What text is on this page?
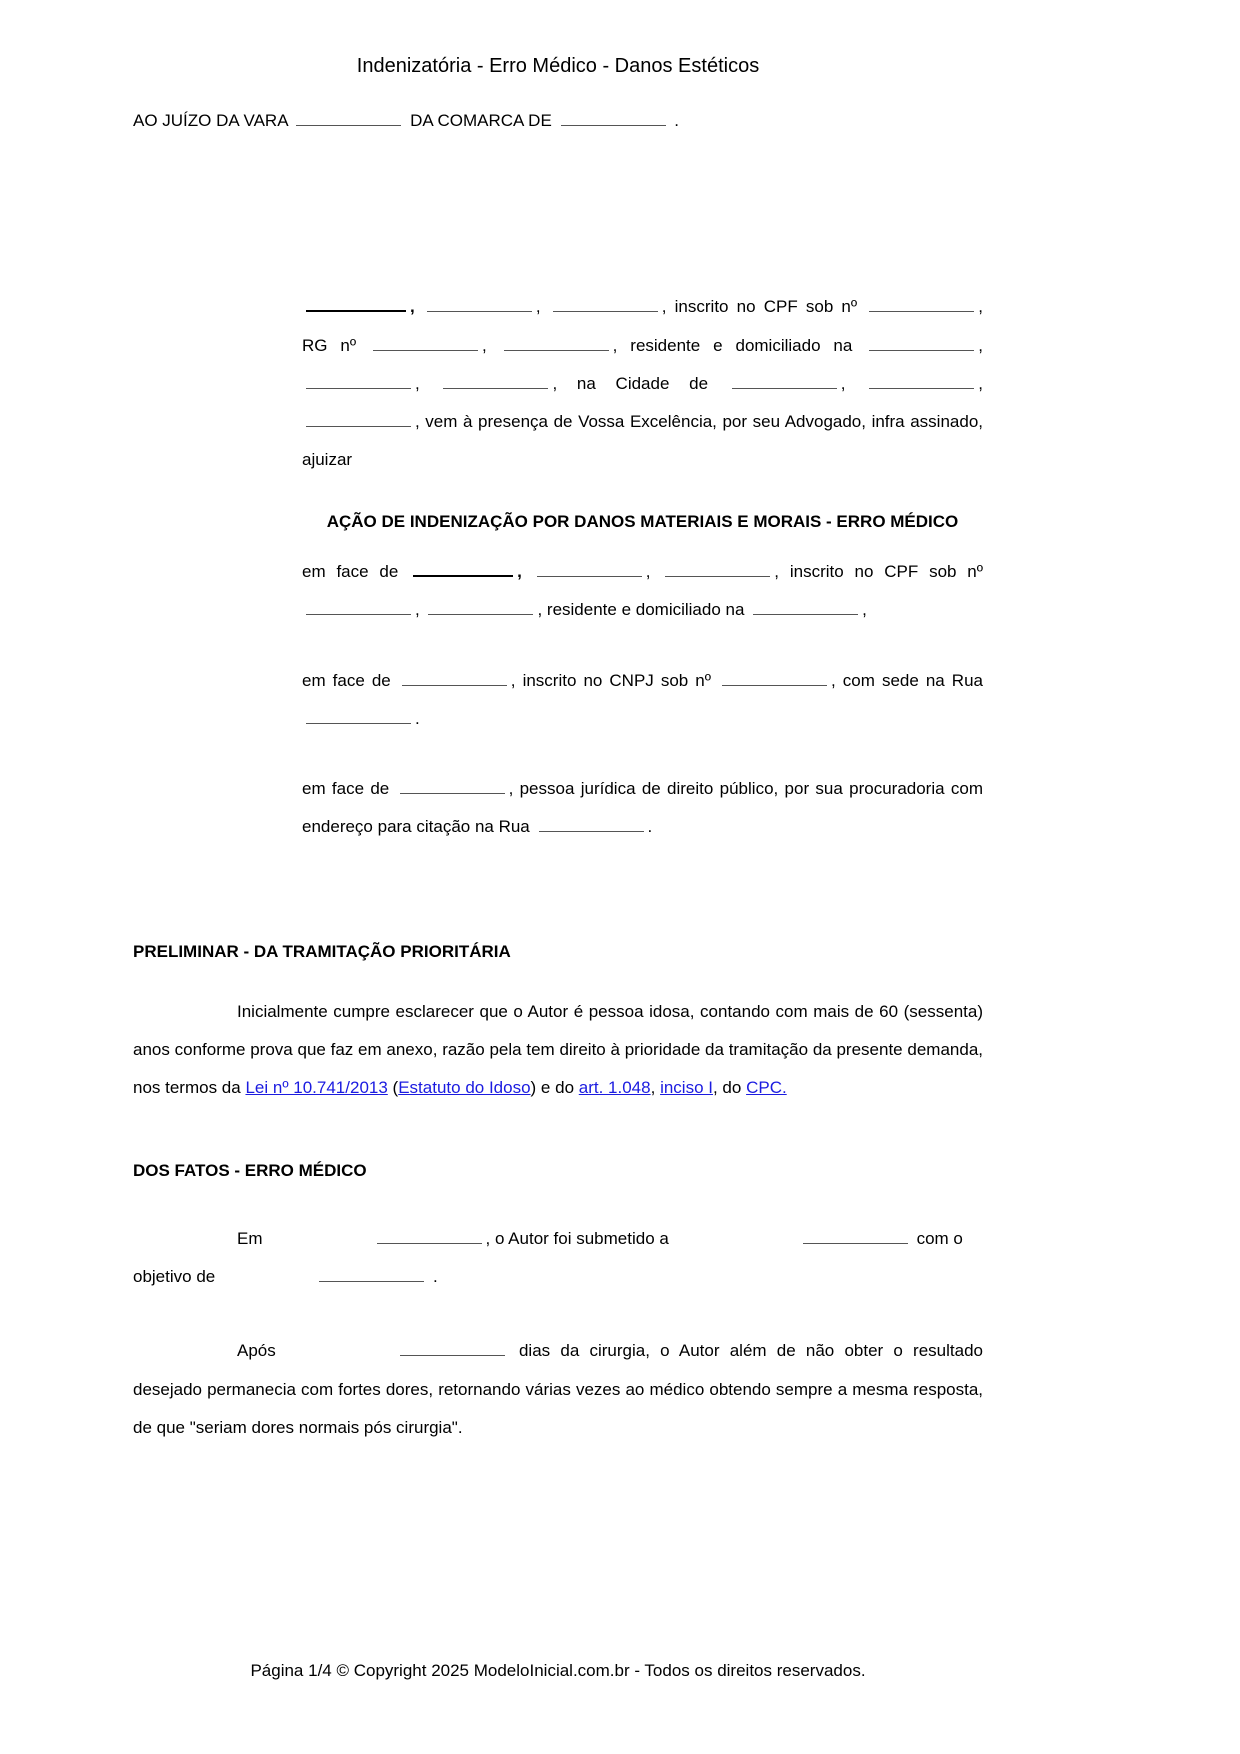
Indenizatória - Erro Médico - Danos Estéticos

AO JUÍZO DA VARA	DA COMARCA DE	.

,	,	, inscrito no CPF sob nº	, RG nº	,	, residente e domiciliado na	, ,	, na Cidade de	,	, , vem à presença de Vossa Excelência, por seu Advogado, infra assinado, ajuizar

AÇÃO DE INDENIZAÇÃO POR DANOS MATERIAIS E MORAIS - ERRO MÉDICO

em face de	,	,	, inscrito no CPF sob nº ,	, residente e domiciliado na	,

em face de	, inscrito no CNPJ sob nº	, com sede na Rua .

em face de	, pessoa jurídica de direito público, por sua procuradoria com endereço para citação na Rua	.

PRELIMINAR - DA TRAMITAÇÃO PRIORITÁRIA

Inicialmente cumpre esclarecer que o Autor é pessoa idosa, contando com mais de 60 (sessenta) anos conforme prova que faz em anexo, razão pela tem direito à prioridade da tramitação da presente demanda, nos termos da Lei nº 10.741/2013 (Estatuto do Idoso) e do art. 1.048, inciso I, do CPC.

DOS FATOS - ERRO MÉDICO

Em	, o Autor foi submetido a	com o objetivo de	.

Após	dias da cirurgia, o Autor além de não obter o resultado desejado permanecia com fortes dores, retornando várias vezes ao médico obtendo sempre a mesma resposta, de que "seriam dores normais pós cirurgia".

Página 1/4 © Copyright 2025 ModeloInicial.com.br - Todos os direitos reservados.
